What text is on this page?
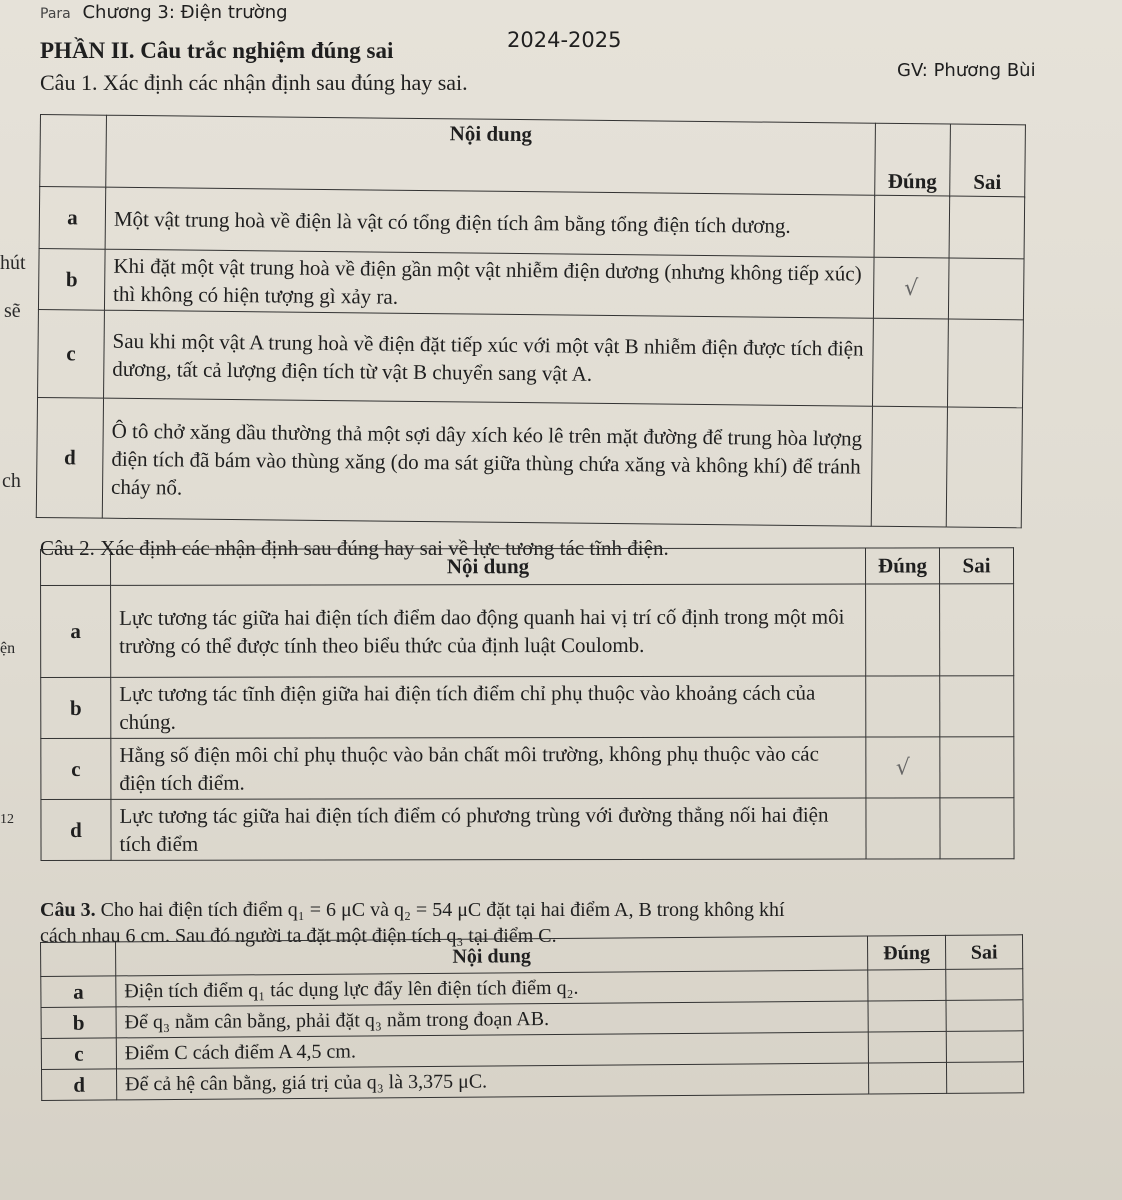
Para Chương 3: Điện trường
2024-2025
PHẦN II. Câu trắc nghiệm đúng sai
GV: Phương Bùi
hút
sẽ
ch
ện
12
Câu 1. Xác định các nhận định sau đúng hay sai.
	Nội dung	Đúng	Sai

a	Một vật trung hoà về điện là vật có tổng điện tích âm bằng tổng điện tích dương.		
b	Khi đặt một vật trung hoà về điện gần một vật nhiễm điện dương (nhưng không tiếp xúc) thì không có hiện tượng gì xảy ra.	√	
c	Sau khi một vật A trung hoà về điện đặt tiếp xúc với một vật B nhiễm điện được tích điện dương, tất cả lượng điện tích từ vật B chuyển sang vật A.		
d	Ô tô chở xăng dầu thường thả một sợi dây xích kéo lê trên mặt đường để trung hòa lượng điện tích đã bám vào thùng xăng (do ma sát giữa thùng chứa xăng và không khí) để tránh cháy nổ.		
Câu 2. Xác định các nhận định sau đúng hay sai về lực tương tác tĩnh điện.
	Nội dung	Đúng	Sai
a	Lực tương tác giữa hai điện tích điểm dao động quanh hai vị trí cố định trong một môi trường có thể được tính theo biểu thức của định luật Coulomb.		
b	Lực tương tác tĩnh điện giữa hai điện tích điểm chỉ phụ thuộc vào khoảng cách của chúng.		
c	Hằng số điện môi chỉ phụ thuộc vào bản chất môi trường, không phụ thuộc vào các điện tích điểm.	√	
d	Lực tương tác giữa hai điện tích điểm có phương trùng với đường thẳng nối hai điện tích điểm		
Câu 3. Cho hai điện tích điểm q₁ = 6 μC và q₂ = 54 μC đặt tại hai điểm A, B trong không khí
cách nhau 6 cm. Sau đó người ta đặt một điện tích q₃ tại điểm C.
	Nội dung	Đúng	Sai
a	Điện tích điểm q₁ tác dụng lực đẩy lên điện tích điểm q₂.		
b	Để q₃ nằm cân bằng, phải đặt q₃ nằm trong đoạn AB.		
c	Điểm C cách điểm A 4,5 cm.		
d	Để cả hệ cân bằng, giá trị của q₃ là 3,375 μC.		
